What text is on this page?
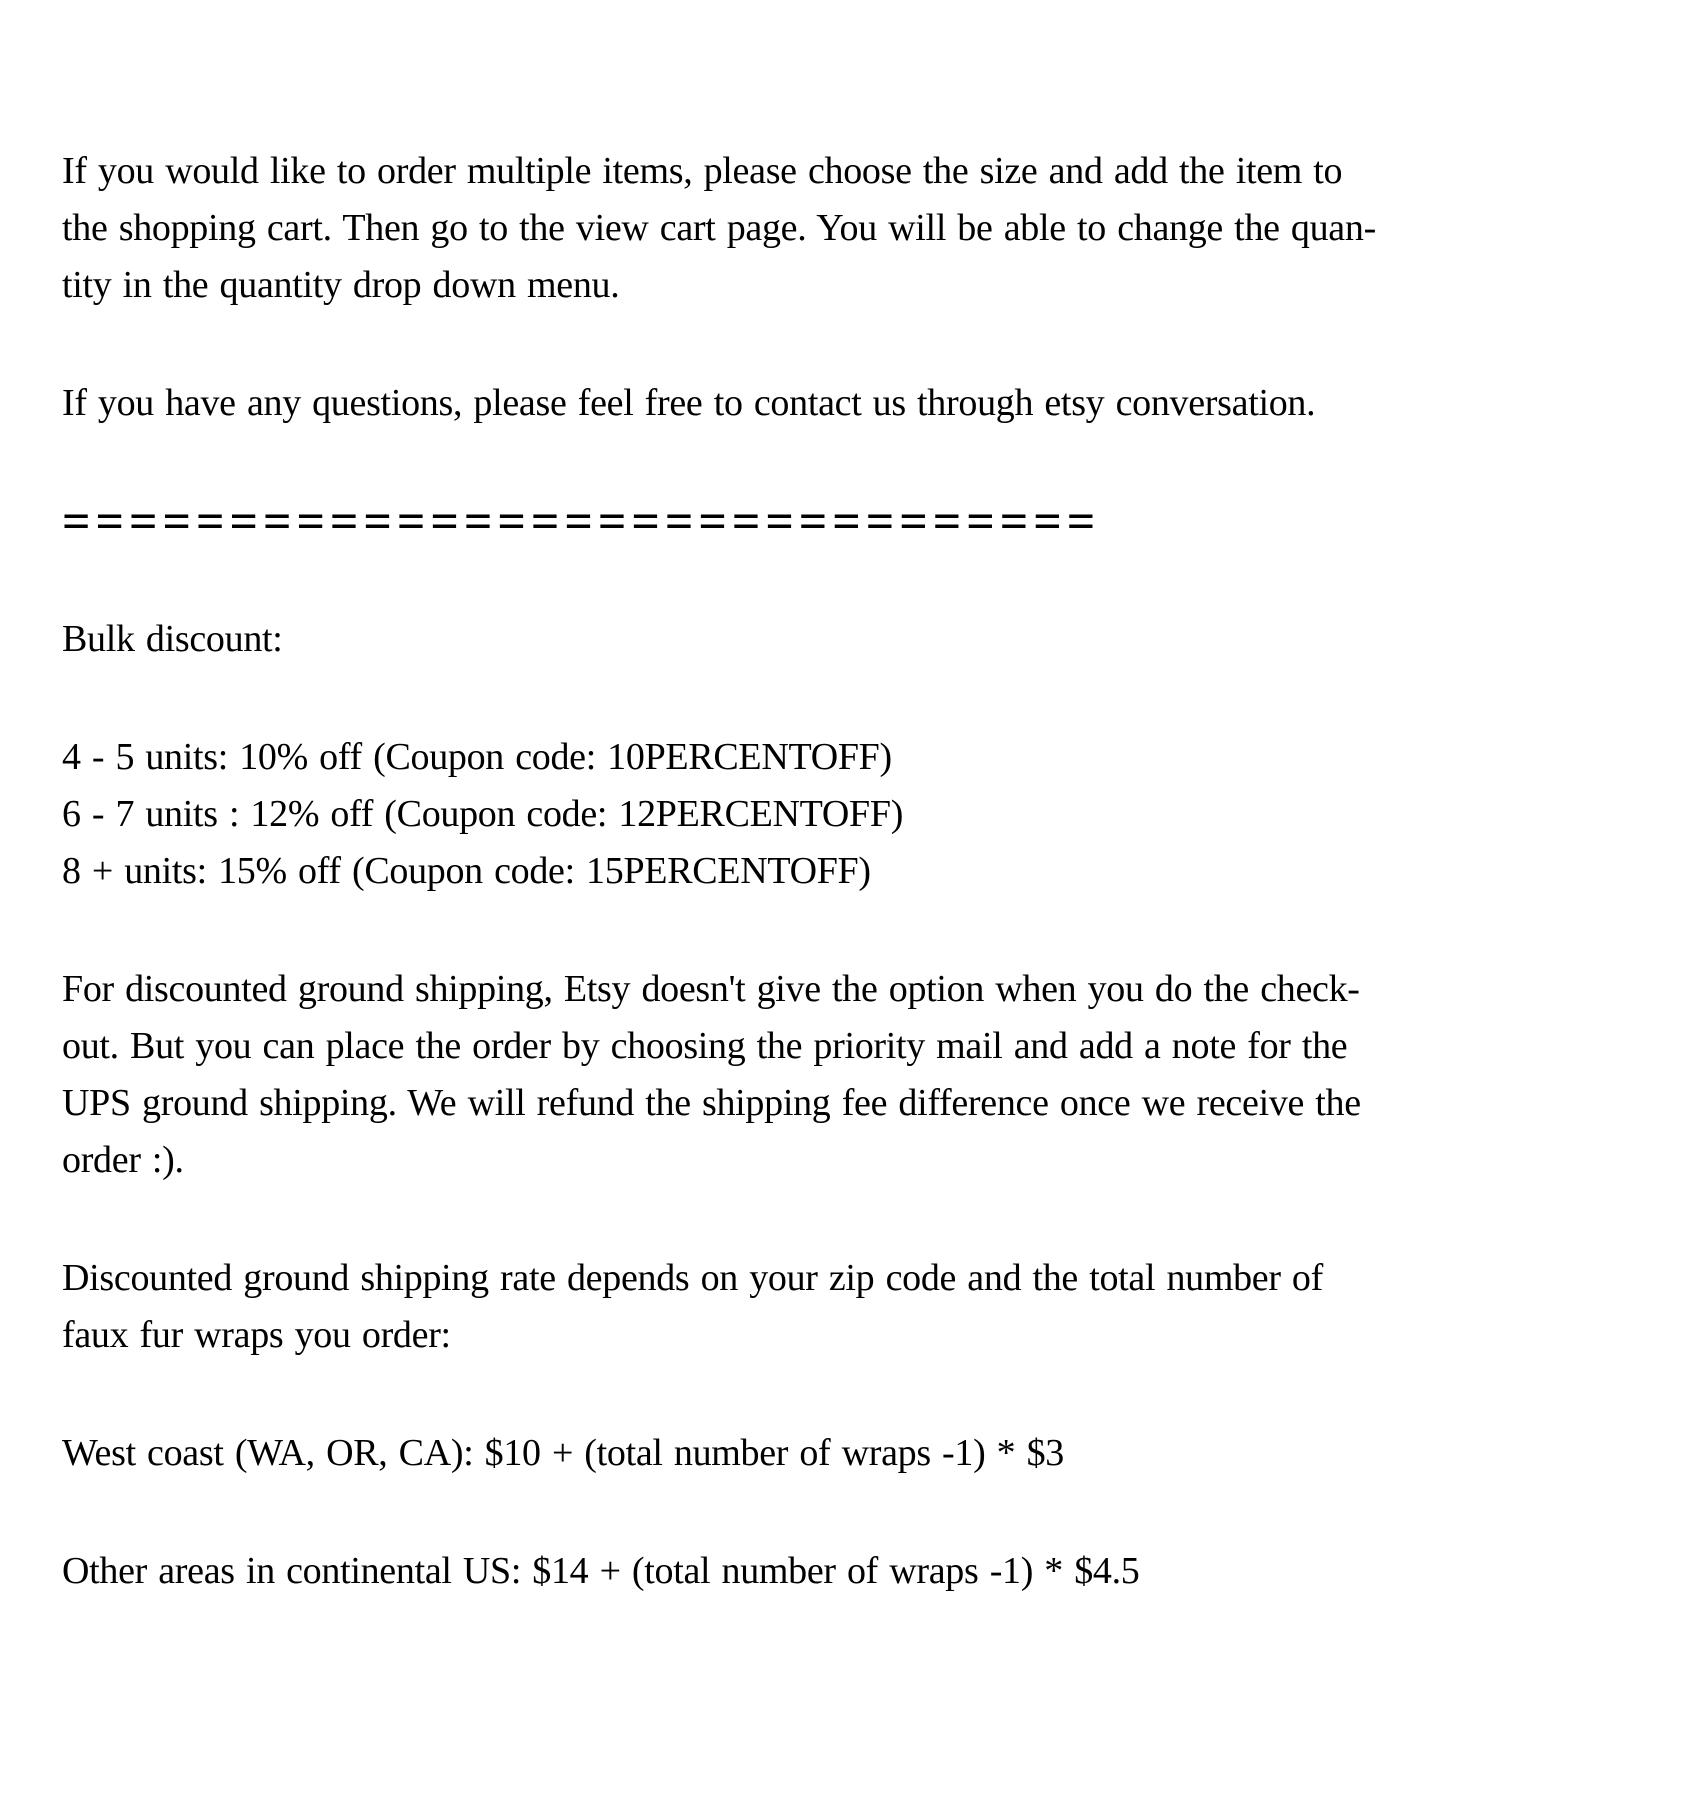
If you would like to order multiple items, please choose the size and add the item to
the shopping cart. Then go to the view cart page. You will be able to change the quan-
tity in the quantity drop down menu.
If you have any questions, please feel free to contact us through etsy conversation.
===============================
Bulk discount:
4 - 5 units: 10% off (Coupon code: 10PERCENTOFF)
6 - 7 units : 12% off (Coupon code: 12PERCENTOFF)
8 + units: 15% off (Coupon code: 15PERCENTOFF)
For discounted ground shipping, Etsy doesn't give the option when you do the check-
out. But you can place the order by choosing the priority mail and add a note for the
UPS ground shipping. We will refund the shipping fee difference once we receive the
order :).
Discounted ground shipping rate depends on your zip code and the total number of
faux fur wraps you order:
West coast (WA, OR, CA): $10 + (total number of wraps -1) * $3
Other areas in continental US: $14 + (total number of wraps -1) * $4.5
